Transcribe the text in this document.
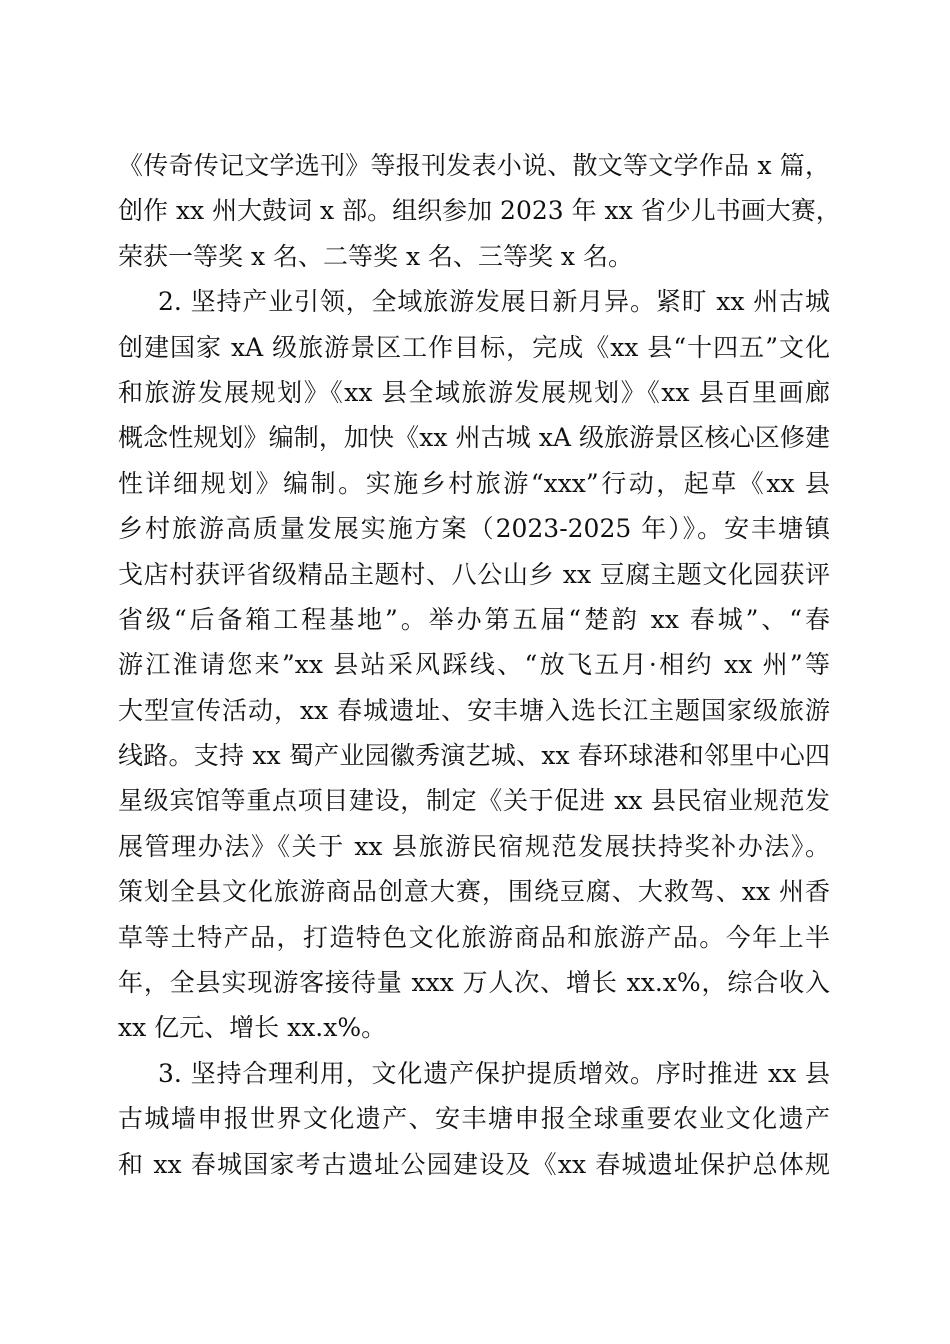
《传奇传记文学选刊》等报刊发表小说、散文等文学作品 x 篇，
创作 xx 州大鼓词 x 部。组织参加 2023 年 xx 省少儿书画大赛，
荣获一等奖 x 名、二等奖 x 名、三等奖 x 名。
2. 坚持产业引领，全域旅游发展日新月异。紧盯 xx 州古城
创建国家 xA 级旅游景区工作目标，完成《xx 县“十四五”文化
和旅游发展规划》《xx 县全域旅游发展规划》《xx 县百里画廊
概念性规划》编制，加快《xx 州古城 xA 级旅游景区核心区修建
性详细规划》编制。实施乡村旅游“xxx”行动，起草《xx 县
乡村旅游高质量发展实施方案（2023-2025 年）》。安丰塘镇
戈店村获评省级精品主题村、八公山乡 xx 豆腐主题文化园获评
省级“后备箱工程基地”。举办第五届“楚韵 xx 春城”、“春
游江淮请您来”xx 县站采风踩线、“放飞五月·相约 xx 州”等
大型宣传活动，xx 春城遗址、安丰塘入选长江主题国家级旅游
线路。支持 xx 蜀产业园徽秀演艺城、xx 春环球港和邻里中心四
星级宾馆等重点项目建设，制定《关于促进 xx 县民宿业规范发
展管理办法》《关于 xx 县旅游民宿规范发展扶持奖补办法》。
策划全县文化旅游商品创意大赛，围绕豆腐、大救驾、xx 州香
草等土特产品，打造特色文化旅游商品和旅游产品。今年上半
年，全县实现游客接待量 xxx 万人次、增长 xx.x%，综合收入
xx 亿元、增长 xx.x%。
3. 坚持合理利用，文化遗产保护提质增效。序时推进 xx 县
古城墙申报世界文化遗产、安丰塘申报全球重要农业文化遗产
和 xx 春城国家考古遗址公园建设及《xx 春城遗址保护总体规
